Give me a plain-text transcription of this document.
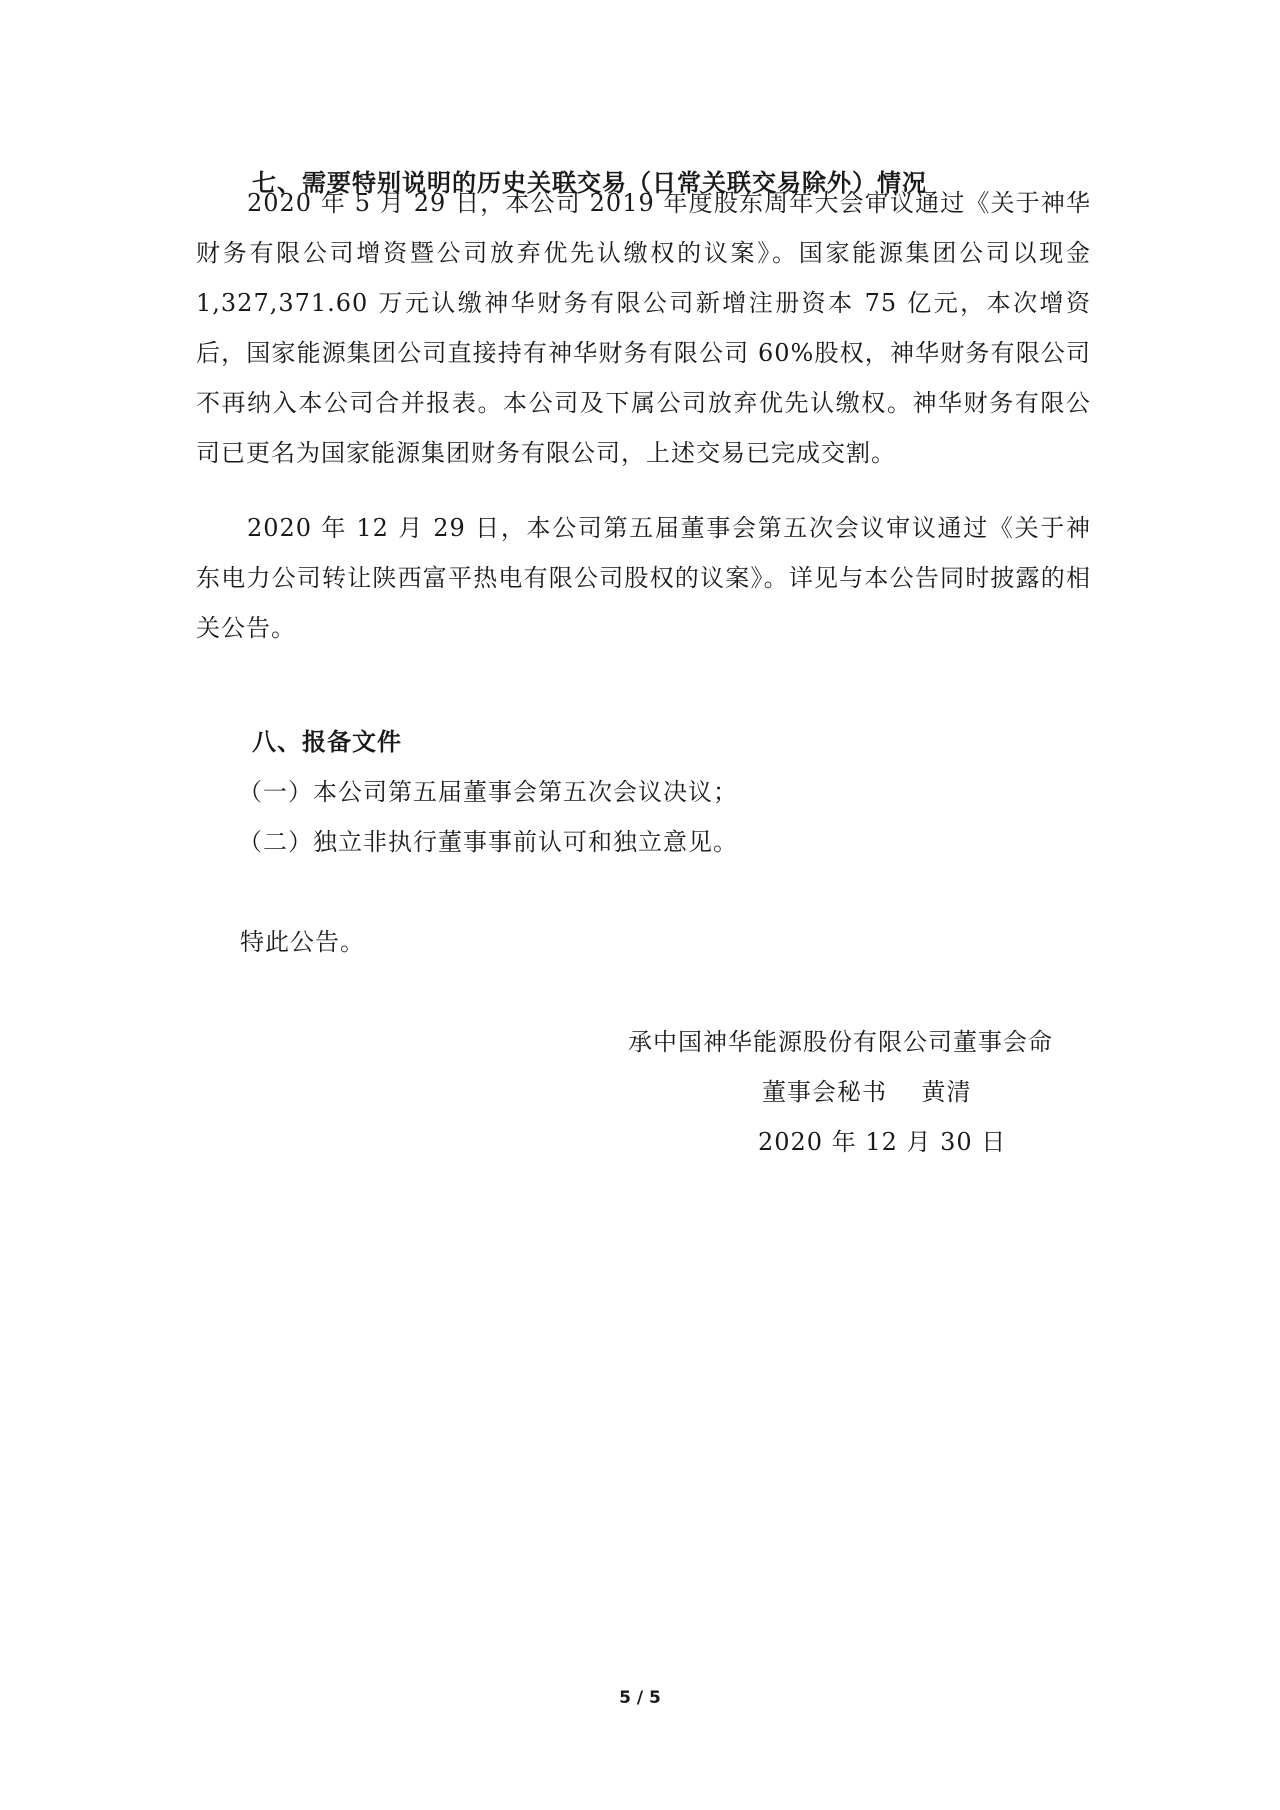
七、需要特别说明的历史关联交易（日常关联交易除外）情况
2020 年 5 月 29 日，本公司 2019 年度股东周年大会审议通过《关于神华财务有限公司增资暨公司放弃优先认缴权的议案》。国家能源集团公司以现金1,327,371.60 万元认缴神华财务有限公司新增注册资本 75 亿元，本次增资后，国家能源集团公司直接持有神华财务有限公司 60%股权，神华财务有限公司不再纳入本公司合并报表。本公司及下属公司放弃优先认缴权。神华财务有限公司已更名为国家能源集团财务有限公司，上述交易已完成交割。
2020 年 12 月 29 日，本公司第五届董事会第五次会议审议通过《关于神东电力公司转让陕西富平热电有限公司股权的议案》。详见与本公告同时披露的相关公告。
八、报备文件
（一）本公司第五届董事会第五次会议决议；
（二）独立非执行董事事前认可和独立意见。
特此公告。
承中国神华能源股份有限公司董事会命
董事会秘书    黄清
2020 年 12 月 30 日
5 / 5
